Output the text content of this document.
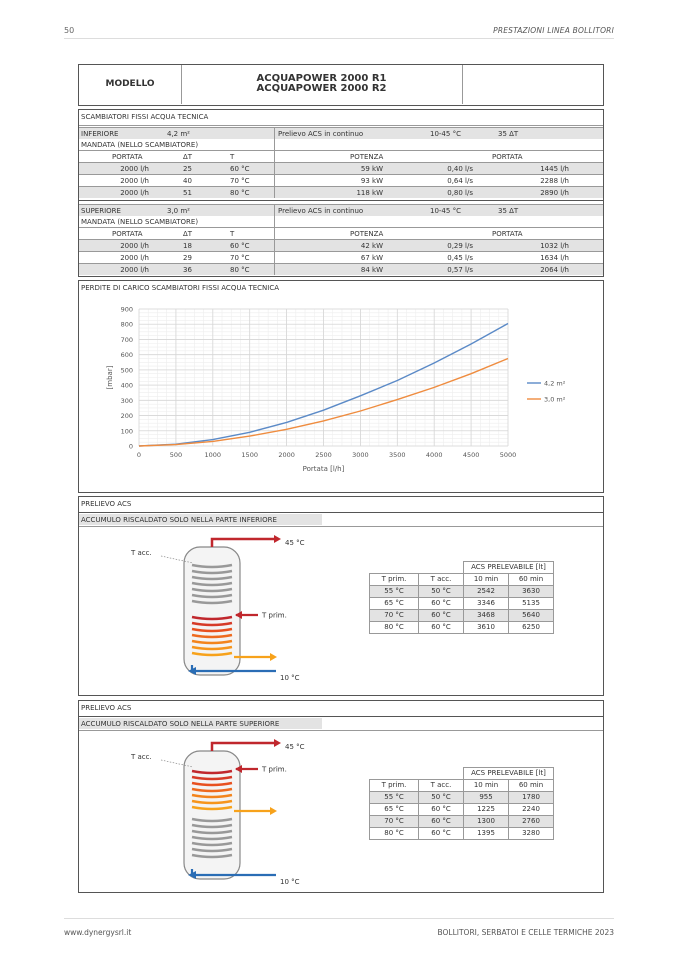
50	PRESTAZIONI LINEA BOLLITORI
www.dynergysrl.it	BOLLITORI, SERBATOI E CELLE TERMICHE 2023
MODELLO	ACQUAPOWER 2000 R1
ACQUAPOWER 2000 R2
SCAMBIATORI FISSI ACQUA TECNICA
INFERIORE	4,2 m²	Prelievo ACS in continuo	10-45 °C	35 ΔT
MANDATA (NELLO SCAMBIATORE)
PORTATA	ΔT	T	POTENZA	PORTATA
2000 l/h	25	60 °C	59 kW	0,40 l/s	1445 l/h
2000 l/h	40	70 °C	93 kW	0,64 l/s	2288 l/h
2000 l/h	51	80 °C	118 kW	0,80 l/s	2890 l/h
SUPERIORE	3,0 m²	Prelievo ACS in continuo	10-45 °C	35 ΔT
MANDATA (NELLO SCAMBIATORE)
PORTATA	ΔT	T	POTENZA	PORTATA
2000 l/h	18	60 °C	42 kW	0,29 l/s	1032 l/h
2000 l/h	29	70 °C	67 kW	0,45 l/s	1634 l/h
2000 l/h	36	80 °C	84 kW	0,57 l/s	2064 l/h
PERDITE DI CARICO SCAMBIATORI FISSI ACQUA TECNICA
0
100
200
300
400
500
600
700
800
900
0	500	1000	1500	2000	2500	3000	3500	4000	4500	5000
Portata [l/h]
[mbar]	4,2 m²
3,0 m²
PRELIEVO ACS
ACCUMULO RISCALDATO SOLO NELLA PARTE INFERIORE
45 °C
T prim.
10 °C
T acc.
		ACS PRELEVABILE [lt]	
T prim.	T acc.	10 min	60 min
55 °C	50 °C	2542	3630
65 °C	60 °C	3346	5135
70 °C	60 °C	3468	5640
80 °C	60 °C	3610	6250
PRELIEVO ACS
ACCUMULO RISCALDATO SOLO NELLA PARTE SUPERIORE
45 °C
T prim.
10 °C
T acc.
		ACS PRELEVABILE [lt]	
T prim.	T acc.	10 min	60 min
55 °C	50 °C	955	1780
65 °C	60 °C	1225	2240
70 °C	60 °C	1300	2760
80 °C	60 °C	1395	3280
